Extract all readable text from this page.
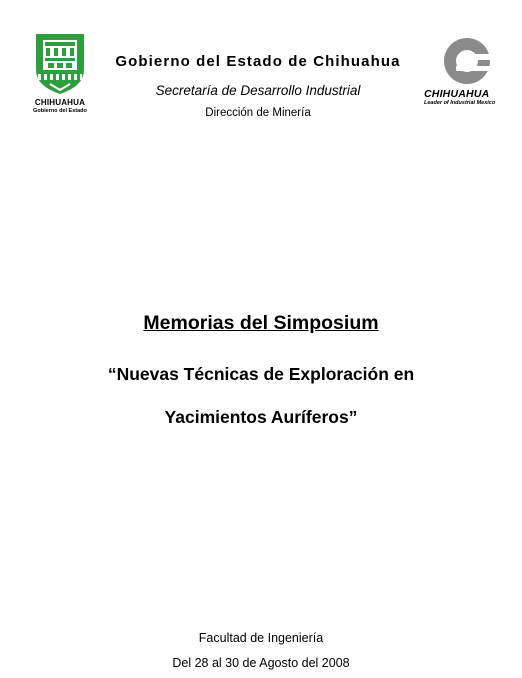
CHIHUAHUA
Gobierno del Estado

Gobierno del Estado de Chihuahua

Secretaría de Desarrollo Industrial

Dirección de Minería

CHIHUAHUA
Leader of Industrial Mexico
Memorias del Simposium
“Nuevas Técnicas de Exploración en
Yacimientos Auríferos”
Facultad de Ingeniería
Del 28 al 30 de Agosto del 2008
